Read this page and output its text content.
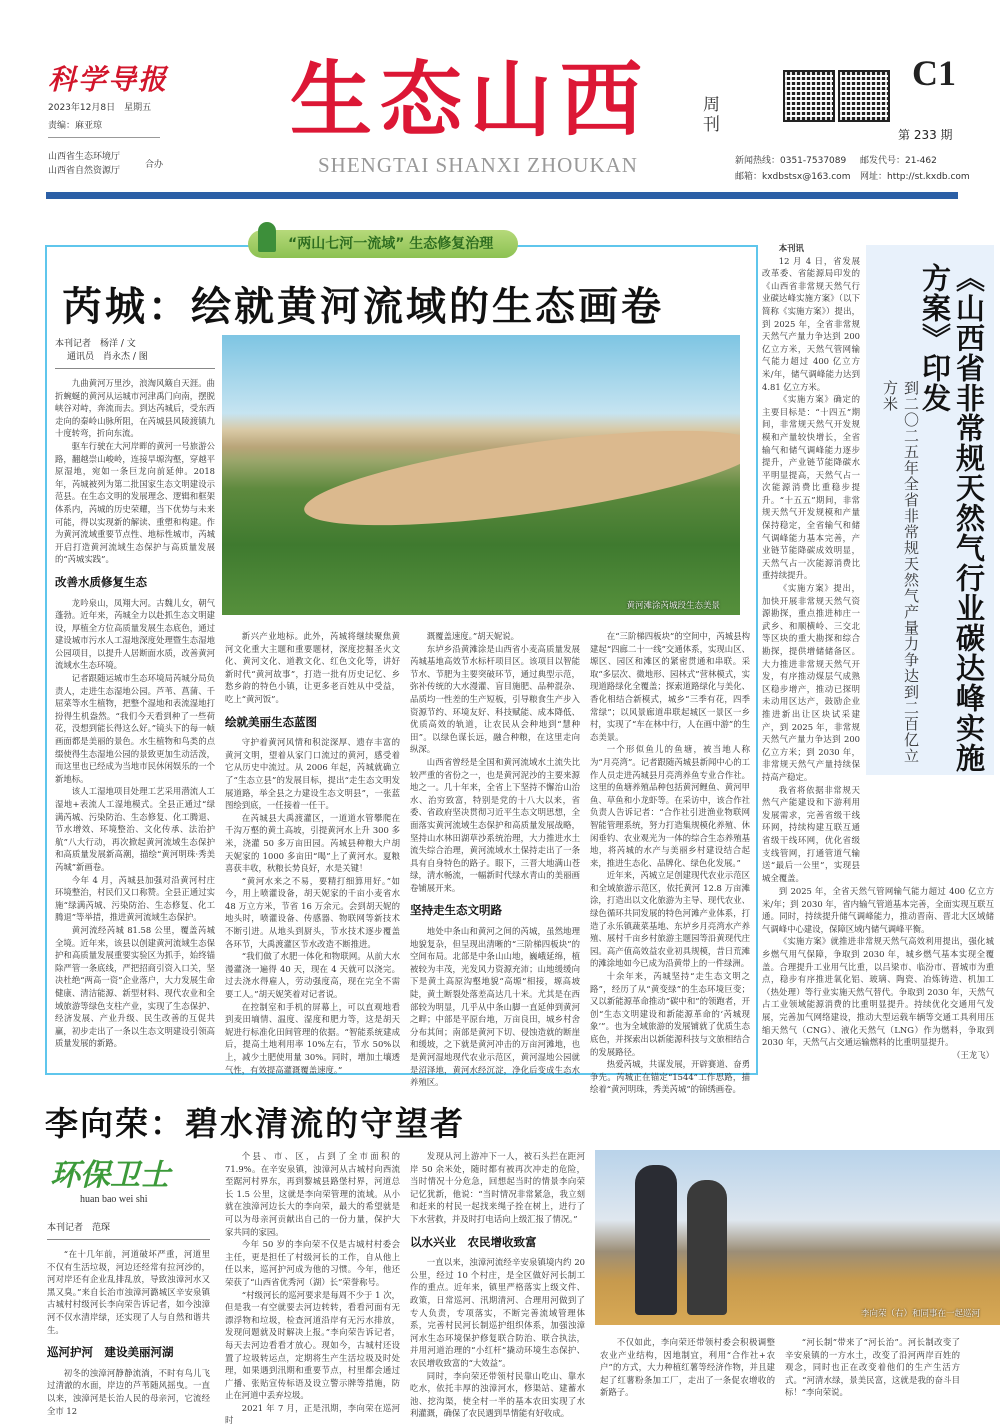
科学导报
2023年12月8日　星期五
责编：麻亚琼
山西省生态环境厅
山西省自然资源厅
合办
生态山西	周刊
SHENGTAI SHANXI ZHOUKAN
C1
第 233 期
新闻热线：0351-7537089 邮发代号：21-462
邮箱：kxdbstsx@163.com 网址：http://st.kxdb.com
“两山七河一流域” 生态修复治理
芮城：绘就黄河流域的生态画卷
本刊记者　杨洋 / 文
通讯员　肖永杰 / 图

九曲黄河万里沙，浪淘风簸自天涯。曲折蜿蜒的黄河从运城市河津禹门向南，摆脱峡谷对峙，奔流而去。到达芮城后，受东西走向的秦岭山脉所阻，在芮城县风陵渡镇九十度转弯，折向东流。

驱车行驶在大河岸畔的黄河一号旅游公路，翻越崇山峻岭，连接旱塬沟壑，穿越平原湿地，宛如一条巨龙向前延伸。2018 年，芮城被列为第二批国家生态文明建设示范县。在生态文明的发展理念、逻辑和框架体系内，芮城的历史荣耀，当下优势与未来可能，得以实现新的解读、重塑和构建。作为黄河流域重要节点性、地标性城市，芮城开启打造黄河流域生态保护与高质量发展的“芮城实践”。

改善水质修复生态

龙吟泉山，凤翔大河。古魏儿女，朝气蓬勃。近年来，芮城全力以赴抓生态文明建设，厚植全方位高质量发展生态底色，通过建设城市污水人工湿地深度处理暨生态湿地公园项目，以提升人居断面水质，改善黄河流域水生态环境。

记者跟随运城市生态环境局芮城分局负责人，走进生态湿地公园。芦苇、菖蒲、千屈菜等水生植物，把整个湿地和表流湿地打扮得生机盎然。“我们今天看到种了一些荷花，没想到能长得这么好。”镜头下的每一帧画面都是美丽的景色。水生植物和鸟类的点缀使得生态湿地公园的景致更加生动活泼，而这里也已经成为当地市民休闲娱乐的一个新地标。

该人工湿地项目处理工艺采用潜流人工湿地+表流人工湿地模式。全县正通过“绿满芮城、污染防治、生态修复、化工腾退、节水增效、环境整治、文化传承、法治护航”八大行动，再次掀起黄河流域生态保护和高质量发展新高潮，描绘“黄河明珠·秀美芮城”新画卷。

今年 4 月，芮城县加强对沿黄河村庄环境整治，村民们又口称赞。全县正通过实施“绿满芮城、污染防治、生态修复、化工腾退”等举措，推进黄河流域生态保护。

黄河流经芮城 81.58 公里，覆盖芮城全境。近年来，该县以创建黄河流域生态保护和高质量发展重要实验区为抓手，始终锚除严管一条底线，严把招商引资入口关，坚决杜绝“两高一资”企业落户，大力发展生命健康、清洁能源、新型材料、现代农业和全域旅游等绿色支柱产业，实现了生态保护、经济发展、产业升级、民生改善的互促共赢，初步走出了一条以生态文明建设引领高质量发展的新路。

黄河滩涂芮城段生态美景

新兴产业地标。此外，芮城将继续聚焦黄河文化重大主题和重要题材，深度挖掘圣火文化、黄河文化、道教文化、红色文化等，讲好新时代“黄河故事”，打造一批有历史记忆、乡愁乡韵的特色小镇，让更多老百姓从中受益，吃上“黄河饭”。

绘就美丽生态蓝图

守护着黄河风情和积淀深厚、遗存丰富的黄河文明，望着从家门口流过的黄河，感受着它从历史中流过。从 2006 年起，芮城就确立了“生态立县”的发展目标，提出“走生态文明发展道路，举全县之力建设生态文明县”，一张蓝图绘到底，一任接着一任干。

在芮城县大禹渡灌区，一道道水管攀爬在千沟万壑的黄土高坡，引提黄河水上升 300 多米，浇灌 50 多万亩田园。芮城县种粮大户胡天妮家的 1000 多亩田“喝”上了黄河水。夏粮喜获丰收，秋粮长势良好，水是关键！

“黄河水来之不易，要精打细算用好。”如今，用上喷灌设备，胡天妮家的千亩小麦省水 48 万立方米，节省 16 万余元。会到胡天妮的地头时，喷灌设备、传感器、物联网等新技术不断引进。从地头到厨头，节水技术逐步覆盖各环节，大禹渡灌区节水改造不断推进。

“我们做了水肥一体化和物联网。从前大水漫灌浇一遍得 40 天，现在 4 天就可以浇完。过去浇水得雇人，劳动强度高，现在完全不需要工人。”胡天妮笑着对记者说。

在控制室和手机的屏幕上，可以直观地看到麦田墒情、温度、湿度和肥力等，这是胡天妮进行标准化田间管理的依据。“智能系统建成后，提高土地利用率 10%左右，节水 50%以上，减少土肥使用量 30%。同时，增加土壤透气性，有效提高灌溉覆盖速度。”

溉覆盖速度。”胡天妮说。

东垆乡沿黄滩涂是山西省小麦高质量发展芮城基地高效节水标杆项目区。该项目以智能节水、节肥为主要突破环节，通过典型示范，弥补传统的大水漫灌、盲目施肥、品种混杂、品质均一性差的生产短板，引导粮食生产步入资源节约、环境友好、科技赋能、成本降低、优质高效的轨道，让农民从会种地到“慧种田”。以绿色谋长远，融合种粮，在这里走向纵深。

山西省曾经是全国和黄河流域水土流失比较严重的省份之一，也是黄河泥沙的主要来源地之一。几十年来，全省上下坚持不懈治山治水、治穷致富，特别是党的十八大以来，省委、省政府坚决贯彻习近平生态文明思想，全面落实黄河流域生态保护和高质量发展战略，坚持山水林田湖草沙系统治理，大力推进水土流失综合治理，黄河流域水土保持走出了一条具有自身特色的路子。眼下，三晋大地满山苍绿，清水畅流，一幅新时代绿水青山的美丽画卷铺展开来。

坚持走生态文明路

地处中条山和黄河之间的芮城，虽然地理地貌复杂，但呈现出清晰的“三阶梯四板块”的空间布局。北部是中条山山地，巍峨延绵，植被较为丰茂，光发风力资源充沛；山地缓缓向下是黄土高原沟壑地貌“高塬”相接，塬高坡陡，黄土断裂处落差高达几十米。尤其是在西部较为明显，几乎从中条山脚一直延伸到黄河之畔；中部是平原台地，万亩良田，城乡村舍分布其间；南部是黄河下切、侵蚀造就的断崖和缓坡，之下就是黄河冲击的万亩河滩地，也是黄河湿地现代农业示范区，黄河湿地公园就是沼泽地，黄河水经沉淀，净化后变成生态水养殖区。

在“三阶梯四板块”的空间中，芮城县构建起“四廊二十一线”交通体系，实现山区、塬区、园区和滩区的紧密贯通和串联。采取“多层次、微地形、园林式”营林模式，实现道路绿化全覆盖；探索道路绿化与美化、香化相结合新模式，城乡“三季有花，四季常绿”；以风景廊道串联起城区一景区一乡村，实现了“车在林中行，人在画中游”的生态美景。

一个形似鱼儿的鱼塘，被当地人称为“月亮湾”。记者跟随芮城县新闻中心的工作人员走进芮城县月亮湾养鱼专业合作社。这里的鱼塘养殖品种包括黄河鲤鱼、黄河甲鱼、草鱼和小龙虾等。在采访中，该合作社负责人告诉记者：“合作社引进渔业物联网智能管理系统，努力打造集规模化养殖、休闲垂钓、农业观光为一体的综合生态养殖基地，将芮城的水产与美丽乡村建设结合起来，推进生态化、品牌化、绿色化发展。”

近年来，芮城立足创建现代农业示范区和全域旅游示范区，依托黄河 12.8 万亩滩涂，打造出以文化旅游为主导、现代农业、绿色循环共同发展的特色河滩产业体系，打造了永乐镇蔬菜基地、东垆乡月亮湾水产养殖、展村千亩乡村旅游主题园等沿黄现代庄园。高产值高效益农业初具规模，昔日荒滩的滩涂地如今已成为沿黄带上的一件绿洲。

十余年来，芮城坚持“走生态文明之路”，经历了从“黄变绿”的生态环境巨变；又以新能源革命推动“碳中和”的领跑者，开创“生态文明建设和新能源革命的‘芮城现象’”。也为全域旅游的发展铺就了优质生态底色，并探索出以新能源科技与文旅相结合的发展路径。

热爱芮城，共谋发展，开辟赛道、奋勇争先。芮城正在锚定“1544”工作思路，描绘着“黄河明珠，秀美芮城”的锦绣画卷。

本刊讯

12 月 4 日，省发展改革委、省能源局印发的《山西省非常规天然气行业碳达峰实施方案》（以下简称《实施方案》）提出，到 2025 年，全省非常规天然气产量力争达到 200 亿立方米，天然气管网输气能力超过 400 亿立方米/年，储气调峰能力达到 4.81 亿立方米。

《实施方案》确定的主要目标是：“十四五”期间，非常规天然气开发规模和产量较快增长，全省输气和储气调峰能力逐步提升，产业链节能降碳水平明显提高，天然气占一次能源消费比重稳步提升。“十五五”期间，非常规天然气开发规模和产量保持稳定，全省输气和储气调峰能力基本完善，产业链节能降碳成效明显，天然气占一次能源消费比重持续提升。

《实施方案》提出，加快开展非常规天然气资源勘探，重点推进柿庄一武乡、和顺横岭、三交北等区块的重大勘探和综合勘探，提供增储储备区。大力推进非常规天然气开发，有序推动煤层气成熟区稳步增产，推动已探明未动用区达产，鼓励企业推进新出让区块试采建产，到 2025 年，非常规天然气产量力争达到 200 亿立方米；到 2030 年，非常规天然气产量持续保持高产稳定。

我省将依据非常规天然气产能建设和下游利用发展需求，完善省级干线环网，持续构建互联互通省级干线环网，优化省级支线管网，打通管道气输送“最后一公里”，实现县城全覆盖。

《山西省非常规天然气行业碳达峰实施方案》印发
到二〇二五年全省非常规天然气产量力争达到二百亿立方米

到 2025 年，全省天然气管网输气能力超过 400 亿立方米/年；到 2030 年，省内输气管道基本完善，全面实现互联互通。同时，持续提升储气调峰能力，推动晋南、晋北大区域储气调峰中心建设，保障区域内储气调峰平衡。

《实施方案》就推进非常规天然气高效利用提出，强化城乡燃气用气保障，争取到 2030 年，城乡燃气基本实现全覆盖。合理提升工业用气比重，以吕梁市、临汾市、晋城市为重点，稳步有序推进氧化铝、玻璃、陶瓷、冶炼铸造、机加工（热处理）等行业实施天然气替代。争取到 2030 年，天然气占工业领域能源消费的比重明显提升。持续优化交通用气发展，完善加气网络建设，推动大型运载车辆等交通工具利用压缩天然气（CNG）、液化天然气（LNG）作为燃料，争取到 2030 年，天然气占交通运输燃料的比重明显提升。

（王龙飞）
李向荣：碧水清流的守望者
环保卫士
huan bao wei shi
本刊记者　范琛

“在十几年前，河道破坏严重，河道里不仅有生活垃圾，河边还经常有拉河沙的，河对岸还有企业乱排乱放，导致浊漳河水又黑又臭。”来自长治市浊漳河潞城区辛安泉镇古城村村级河长李向荣告诉记者，如今浊漳河不仅水清岸绿，还实现了人与自然和谐共生。

巡河护河　建设美丽河湖

初冬的浊漳河静静流淌，不时有鸟儿飞过清澈的水面，岸边的芦苇随风摇曳。一直以来，浊漳河是长治人民的母亲河，它流经全市 12

个县、市、区，占到了全市面积的 71.9%。在辛安泉镇，浊漳河从古城村向西流至踞河村界东，再到黎城县路堡村界，河道总长 1.5 公里，这就是李向荣管理的流域。从小就在浊漳河边长大的李向荣，最大的希望就是可以为母亲河贡献出自己的一份力量，保护大家共同的家园。

今年 50 岁的李向荣不仅是古城村村委会主任，更是担任了村级河长的工作，自从他上任以来，巡河护河成为他的习惯。今年，他还荣获了“山西省优秀河（湖）长”荣誉称号。

“村级河长的巡河要求是每周不少于 1 次，但是我一有空就要去河边转转，看看河面有无漂浮物和垃圾，检查河道沿岸有无污水排放，发现问题就及时解决上报。”李向荣告诉记者，每天去河边看看才放心。现如今，古城村还设置了垃圾转运点，定期将生产生活垃圾及时处理，如果遇到汛期和重要节点，村里都会通过广播、张贴宣传标语及设立警示牌等措施，防止在河道中丢弃垃圾。

2021 年 7 月，正是汛期，李向荣在巡河时

发现从河上游冲下一人，被石头拦在距河岸 50 余米处，随时都有被再次冲走的危险，当时情况十分危急，回想起当时的情景李向荣记忆犹新，他说：“当时情况非常紧急，我立刻和赶来的村民一起找来绳子拴在树上，进行了下水营救，并及时打电话向上级汇报了情况。”

以水兴业　农民增收致富

一直以来，浊漳河流经辛安泉镇境内约 20 公里，经过 10 个村庄，是全区做好河长制工作的重点。近年来，镇里严格落实上级文件、政策，日常巡河、汛期清河、合理用河做到了专人负责，专项落实，不断完善流域管理体系，完善村民河长制巡护组织体系，加强浊漳河水生态环境保护修复联合防治、联合执法，并用河道治理的“小红杆”撬动环境生态保护、农民增收致富的“大效益”。

同时，李向荣还带领村民靠山吃山、靠水吃水，依托丰厚的浊漳河水，修渠站、建蓄水池、挖沟渠，使全村一半的基本农田实现了水利灌溉，确保了农民遇到旱情能有好收成。

李向荣（右）和同事在一起巡河

不仅如此，李向荣还带领村委会积极调整农业产业结构，因地制宜，利用“合作社+农户”的方式，大力种植红薯等经济作物，并且建起了红薯粉条加工厂，走出了一条促农增收的新路子。

“河长制”带来了“河长治”。河长制改变了辛安泉镇的一方水土，改变了沿河两岸百姓的观念，同时也正在改变着他们的生产生活方式。“河清水绿，景美民富，这就是我的奋斗目标！”李向荣说。
